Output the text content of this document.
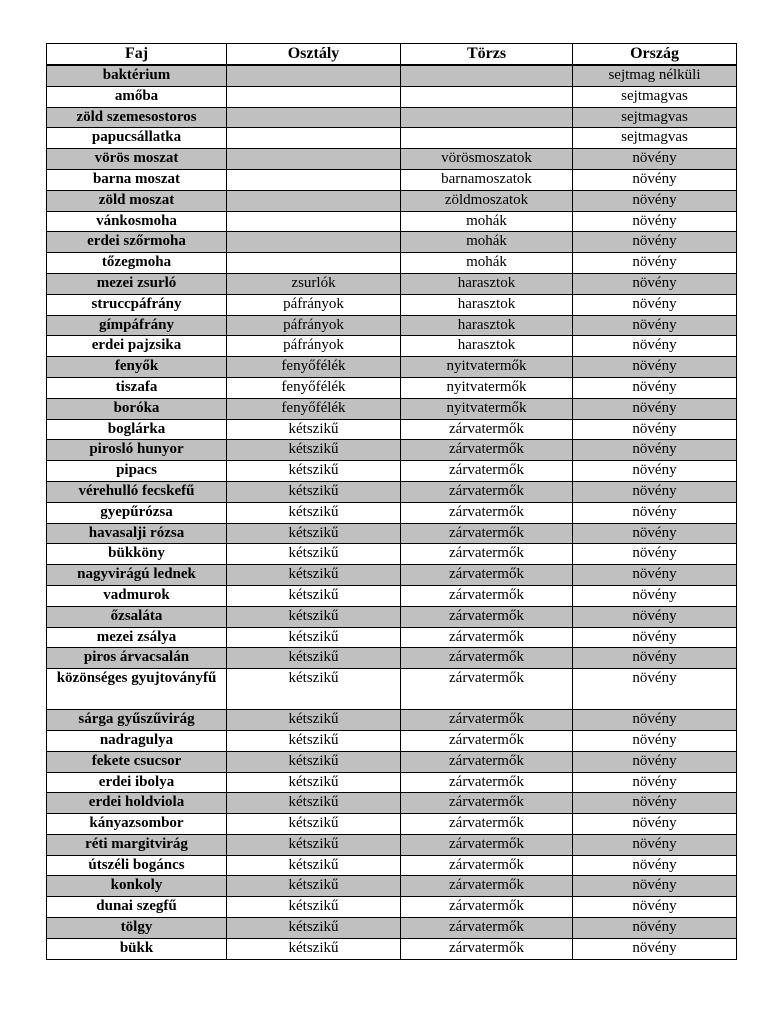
Faj	Osztály	Törzs	Ország
baktérium			sejtmag nélküli
amőba			sejtmagvas
zöld szemesostoros			sejtmagvas
papucsállatka			sejtmagvas
vörös moszat		vörösmoszatok	növény
barna moszat		barnamoszatok	növény
zöld moszat		zöldmoszatok	növény
vánkosmoha		mohák	növény
erdei szőrmoha		mohák	növény
tőzegmoha		mohák	növény
mezei zsurló	zsurlók	harasztok	növény
struccpáfrány	páfrányok	harasztok	növény
gímpáfrány	páfrányok	harasztok	növény
erdei pajzsika	páfrányok	harasztok	növény
fenyők	fenyőfélék	nyitvatermők	növény
tiszafa	fenyőfélék	nyitvatermők	növény
boróka	fenyőfélék	nyitvatermők	növény
boglárka	kétszikű	zárvatermők	növény
pirosló hunyor	kétszikű	zárvatermők	növény
pipacs	kétszikű	zárvatermők	növény
vérehulló fecskefű	kétszikű	zárvatermők	növény
gyepűrózsa	kétszikű	zárvatermők	növény
havasalji rózsa	kétszikű	zárvatermők	növény
bükköny	kétszikű	zárvatermők	növény
nagyvirágú lednek	kétszikű	zárvatermők	növény
vadmurok	kétszikű	zárvatermők	növény
őzsaláta	kétszikű	zárvatermők	növény
mezei zsálya	kétszikű	zárvatermők	növény
piros árvacsalán	kétszikű	zárvatermők	növény
közönséges gyujtoványfű	kétszikű	zárvatermők	növény
sárga gyűszűvirág	kétszikű	zárvatermők	növény
nadragulya	kétszikű	zárvatermők	növény
fekete csucsor	kétszikű	zárvatermők	növény
erdei ibolya	kétszikű	zárvatermők	növény
erdei holdviola	kétszikű	zárvatermők	növény
kányazsombor	kétszikű	zárvatermők	növény
réti margitvirág	kétszikű	zárvatermők	növény
útszéli bogáncs	kétszikű	zárvatermők	növény
konkoly	kétszikű	zárvatermők	növény
dunai szegfű	kétszikű	zárvatermők	növény
tölgy	kétszikű	zárvatermők	növény
bükk	kétszikű	zárvatermők	növény
